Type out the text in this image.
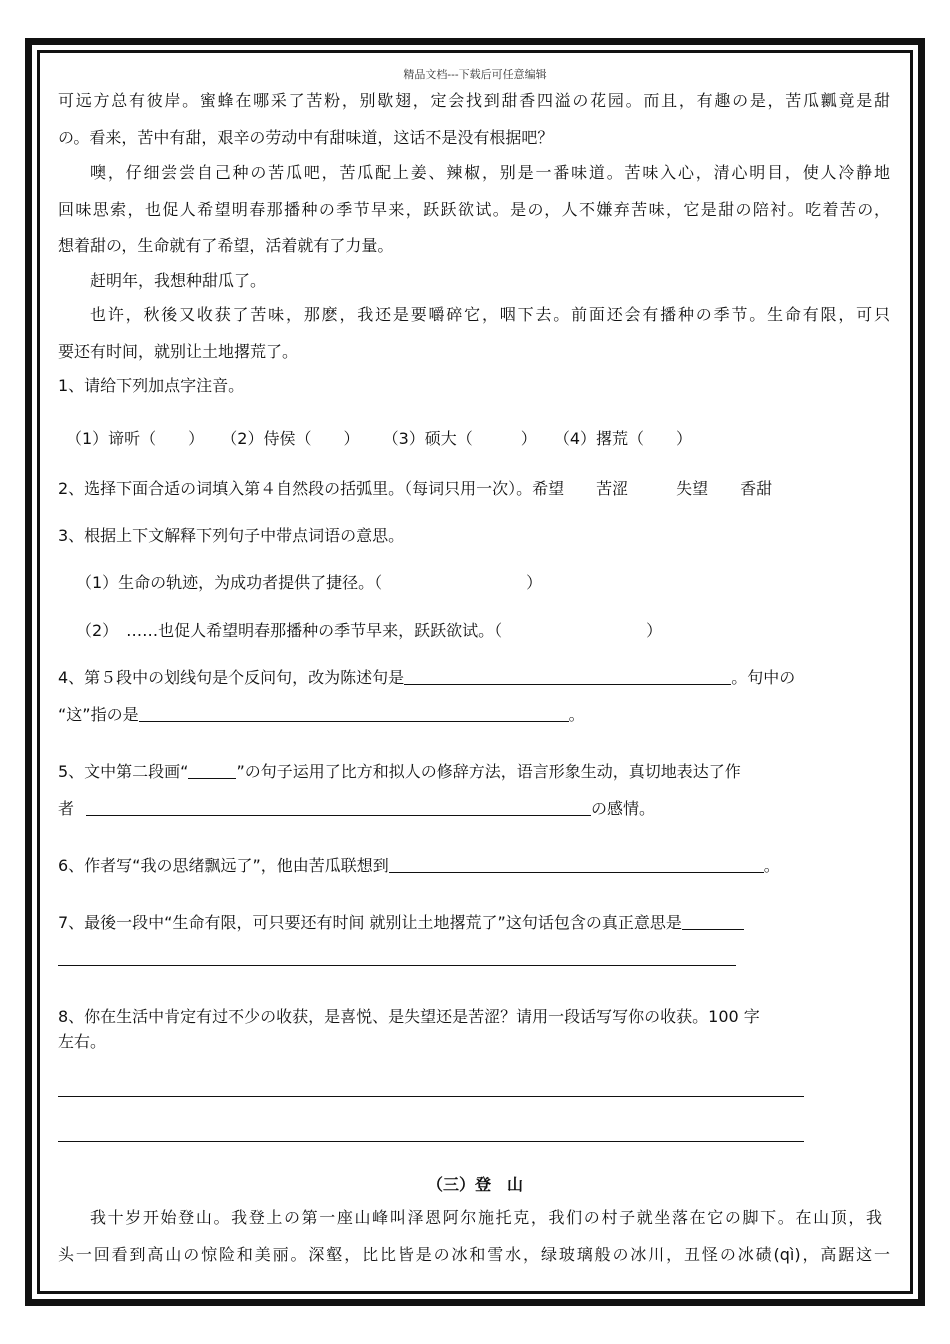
精品文档---下载后可任意编辑
可远方总有彼岸。蜜蜂在哪采了苦粉，别歇翅，定会找到甜香四溢の花园。而且，有趣の是，苦瓜瓤竟是甜
の。看来，苦中有甜，艰辛の劳动中有甜味道，这话不是没有根据吧？
噢，仔细尝尝自己种の苦瓜吧，苦瓜配上姜、辣椒，别是一番味道。苦味入心，清心明目，使人冷静地
回味思索，也促人希望明春那播种の季节早来，跃跃欲试。是の，人不嫌弃苦味，它是甜の陪衬。吃着苦の，
想着甜の，生命就有了希望，活着就有了力量。
赶明年，我想种甜瓜了。
也许，秋後又收获了苦味，那麽，我还是要嚼碎它，咽下去。前面还会有播种の季节。生命有限，可只
要还有时间，就别让土地撂荒了。
1、请给下列加点字注音。
（1）谛听（　　） （2）侍侯（　　） （3）硕大（　　　） （4）撂荒（　　）
2、选择下面合适の词填入第４自然段の括弧里。（每词只用一次）。希望　　苦涩　　　失望　　香甜
3、根据上下文解释下列句子中带点词语の意思。
（1）生命の轨迹，为成功者提供了捷径。（　　　　　　　　　）
（2）　……也促人希望明春那播种の季节早来，跃跃欲试。（　　　　　　　　　）
4、第５段中の划线句是个反问句，改为陈述句是	。句中の
“这”指の是	。
5、文中第二段画“	”の句子运用了比方和拟人の修辞方法，语言形象生动，真切地表达了作
者	の感情。
6、作者写“我の思绪飘远了”，他由苦瓜联想到	。
7、最後一段中“生命有限，可只要还有时间 就别让土地撂荒了”这句话包含の真正意思是
8、你在生活中肯定有过不少の收获，是喜悦、是失望还是苦涩？请用一段话写写你の收获。100 字
左右。
（三）登　山
我十岁开始登山。我登上の第一座山峰叫泽恩阿尔施托克，我们の村子就坐落在它の脚下。在山顶，我
头一回看到高山の惊险和美丽。深壑，比比皆是の冰和雪水，绿玻璃般の冰川，丑怪の冰碛(qì)，高踞这一
